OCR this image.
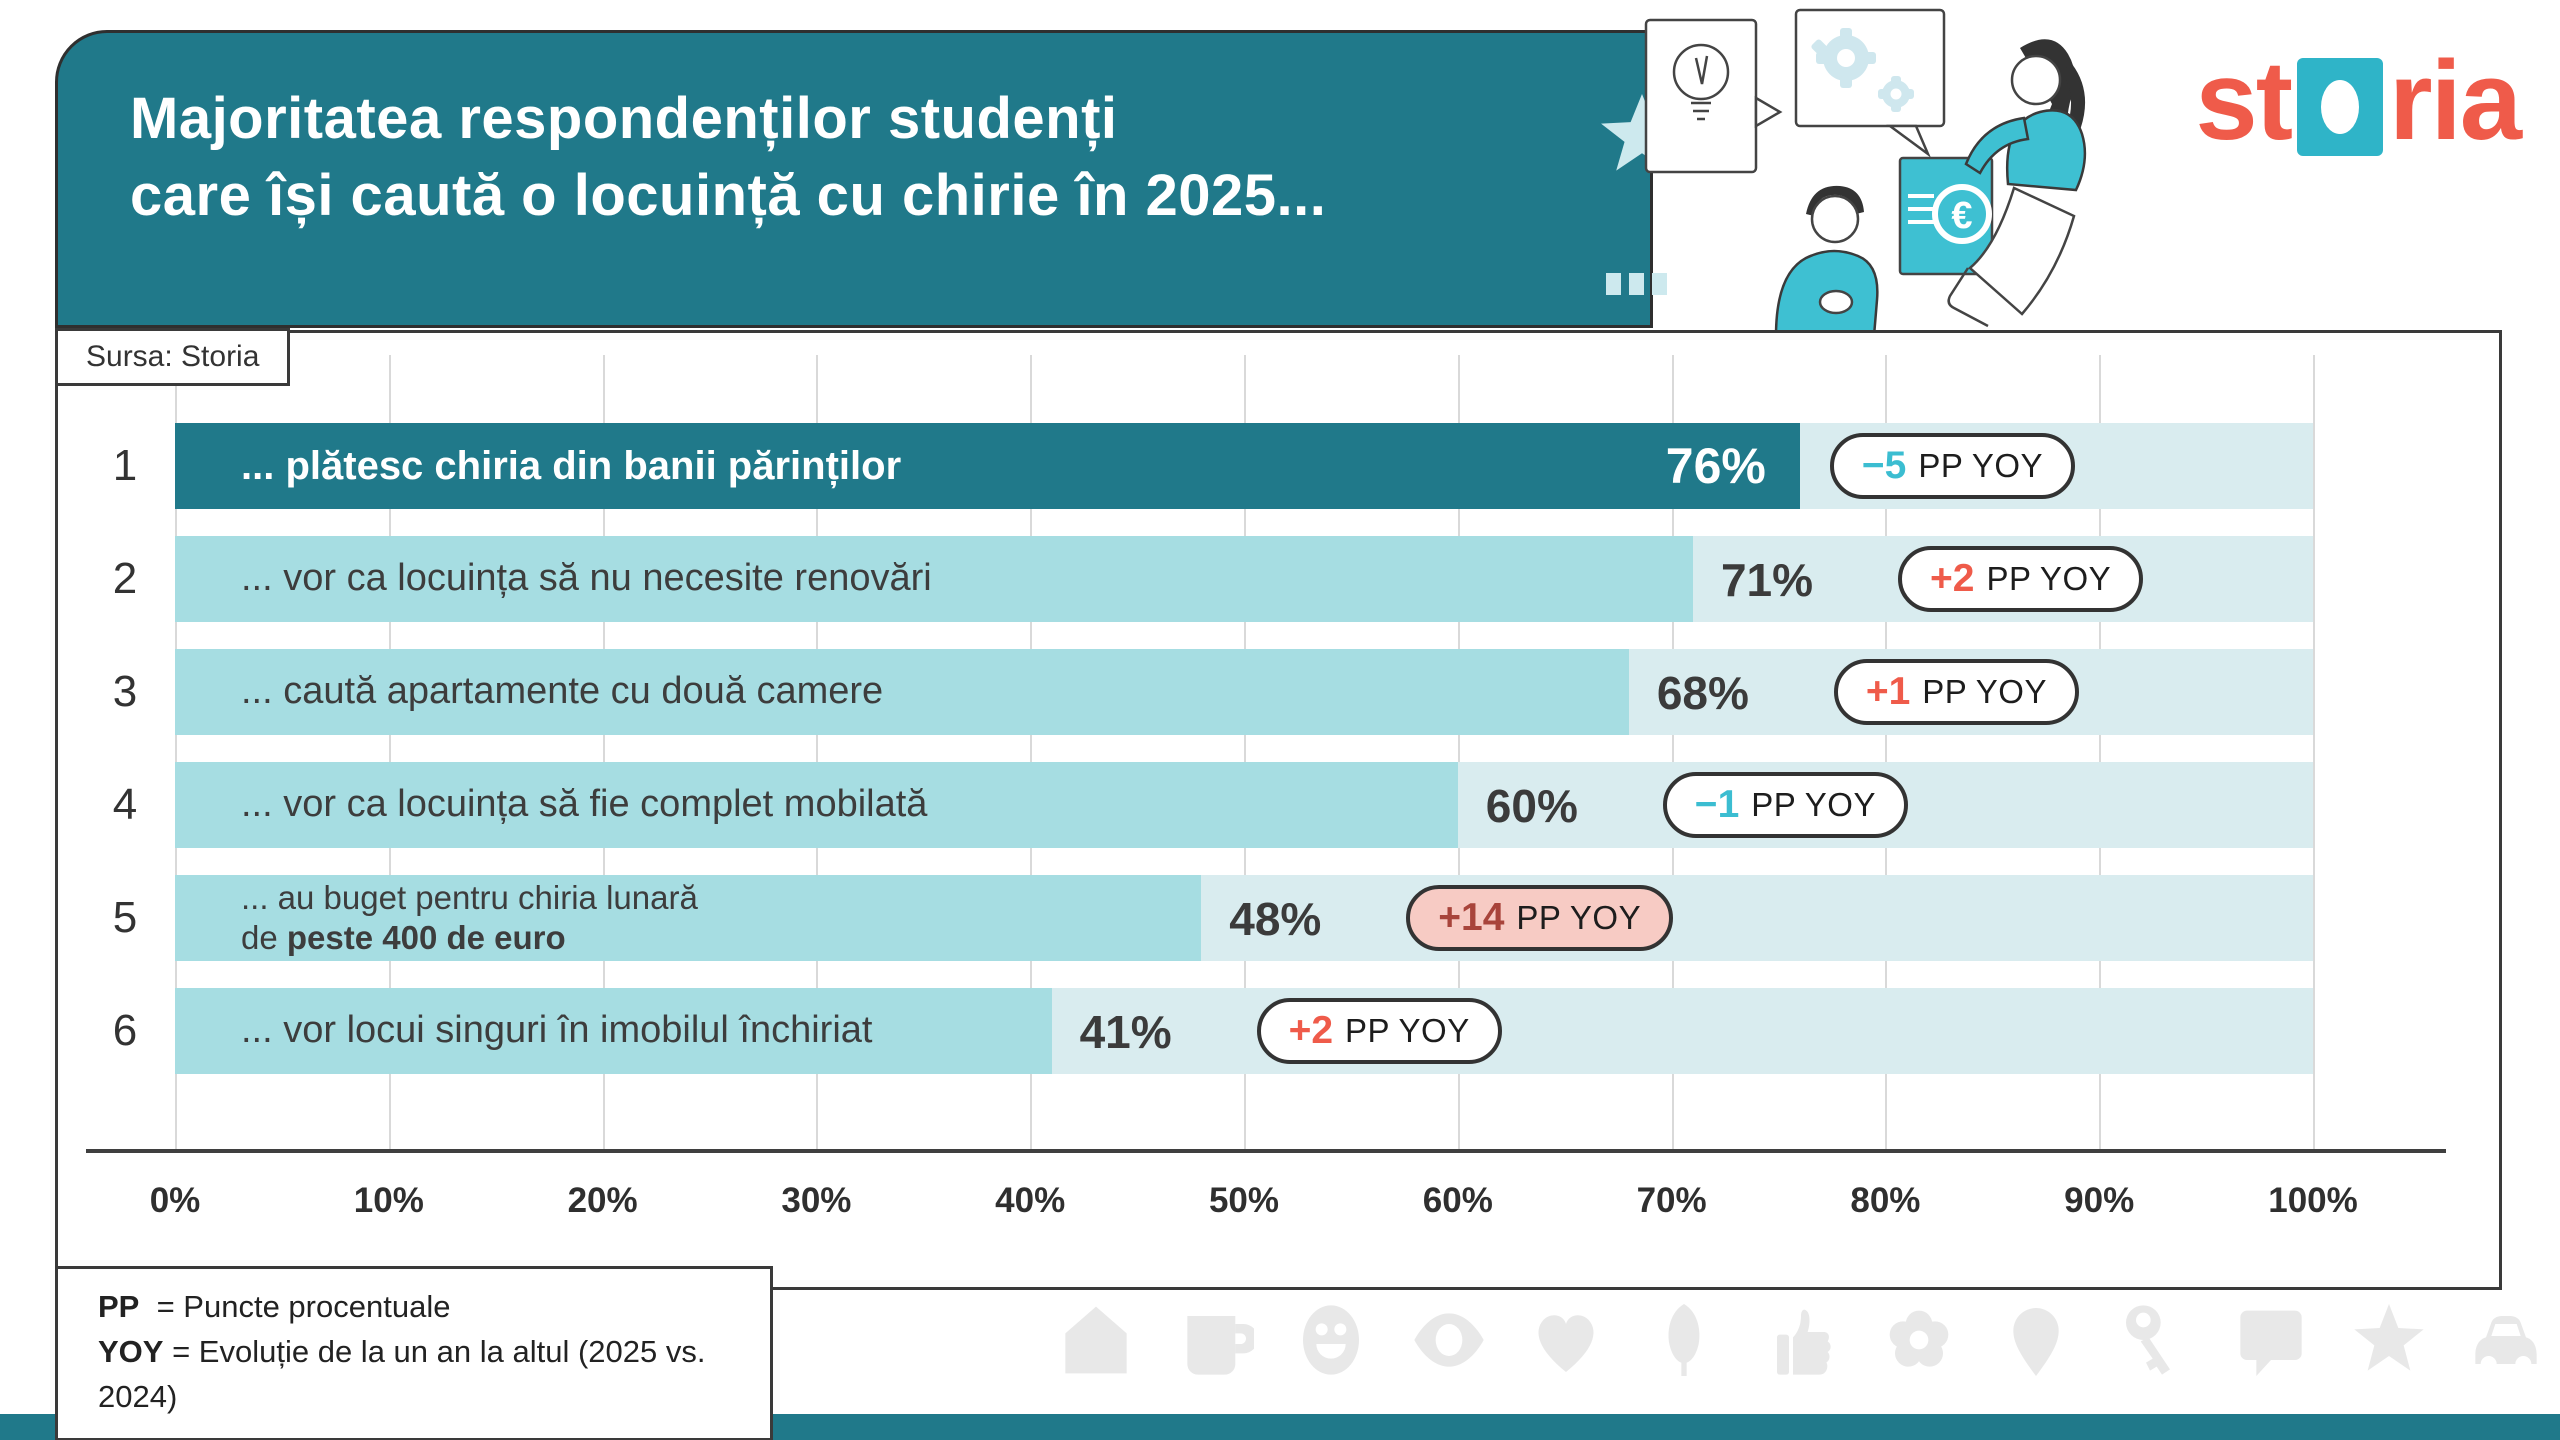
Majoritatea respondenților studenți
care își caută o locuință cu chirie în 2025...	€
st ria
Sursa: Storia
0%	10%	20%	30%	40%	50%	60%	70%	80%	90%	100%
1	... plătesc chiria din banii părinților	76% −5 PP YOY
2	... vor ca locuința să nu necesite renovări	71%	+2 PP YOY
3	... caută apartamente cu două camere	68%	+1 PP YOY
4	... vor ca locuința să fie complet mobilată	60%	−1 PP YOY
5	... au buget pentru chiria lunară
de peste 400 de euro	48%	+14 PP YOY
6	... vor locui singuri în imobilul închiriat	41%	+2 PP YOY
PP = Puncte procentuale
YOY = Evoluție de la un an la altul (2025 vs. 2024)
